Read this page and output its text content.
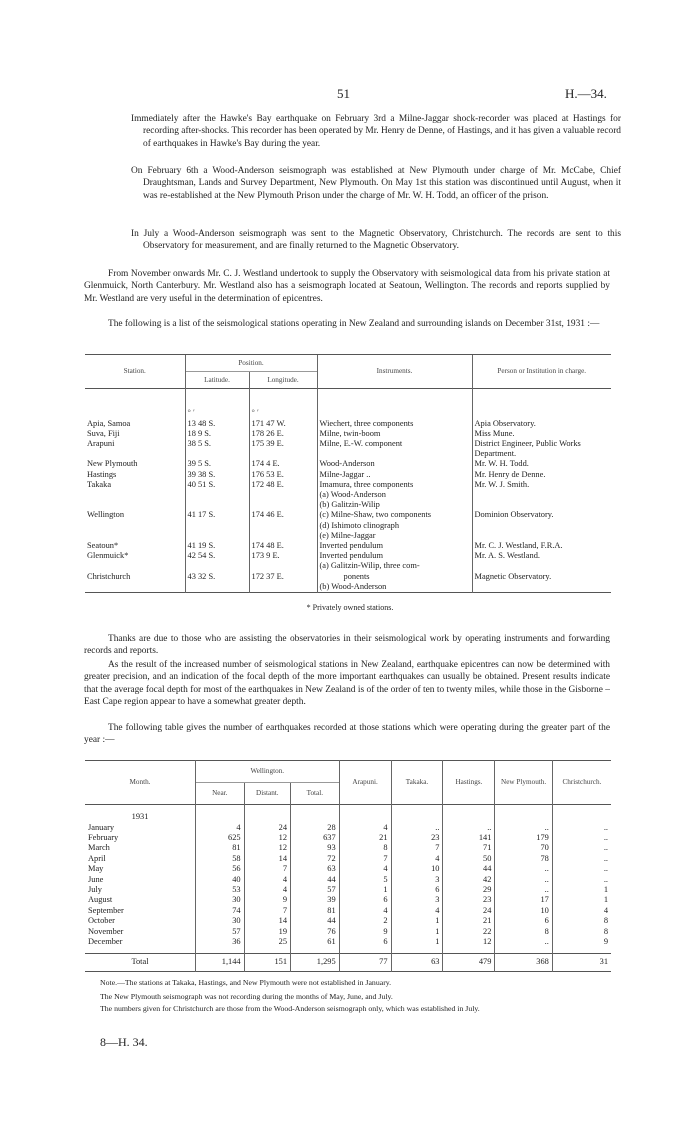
51	H.—34.

Immediately after the Hawke's Bay earthquake on February 3rd a Milne-Jaggar shock-recorder was placed at Hastings for recording after-shocks. This recorder has been operated by Mr. Henry de Denne, of Hastings, and it has given a valuable record of earthquakes in Hawke's Bay during the year.

On February 6th a Wood-Anderson seismograph was established at New Plymouth under charge of Mr. McCabe, Chief Draughtsman, Lands and Survey Department, New Plymouth. On May 1st this station was discontinued until August, when it was re-established at the New Plymouth Prison under the charge of Mr. W. H. Todd, an officer of the prison.

In July a Wood-Anderson seismograph was sent to the Magnetic Observatory, Christchurch. The records are sent to this Observatory for measurement, and are finally returned to the Magnetic Observatory.

From November onwards Mr. C. J. Westland undertook to supply the Observatory with seismological data from his private station at Glenmuick, North Canterbury. Mr. Westland also has a seismograph located at Seatoun, Wellington. The records and reports supplied by Mr. Westland are very useful in the determination of epicentres.

The following is a list of the seismological stations operating in New Zealand and surrounding islands on December 31st, 1931 :—

Station.	Position.		Instruments.	Person or Institution in charge.
	Latitude.	Longitude.		
	° ′	° ′		
Apia, Samoa	13 48 S.	171 47 W.	Wiechert, three components	Apia Observatory.
Suva, Fiji	18 9 S.	178 26 E.	Milne, twin-boom	Miss Mune.
Arapuni	38 5 S.	175 39 E.	Milne, E.-W. component	District Engineer, Public Works Department.
New Plymouth	39 5 S.	174 4 E.	Wood-Anderson	Mr. W. H. Todd.
Hastings	39 38 S.	176 53 E.	Milne-Jaggar ..	Mr. Henry de Denne.
Takaka	40 51 S.	172 48 E.	Imamura, three components	Mr. W. J. Smith.
Wellington	41 17 S.	174 46 E.	(a) Wood-Anderson
(b) Galitzin-Wilip
(c) Milne-Shaw, two components
(d) Ishimoto clinograph
(e) Milne-Jaggar	Dominion Observatory.
Seatoun*	41 19 S.	174 48 E.	Inverted pendulum	Mr. C. J. Westland, F.R.A.
Glenmuick*	42 54 S.	173 9 E.	Inverted pendulum	Mr. A. S. Westland.
Christchurch	43 32 S.	172 37 E.	(a) Galitzin-Wilip, three com-
ponents
(b) Wood-Anderson	Magnetic Observatory.
* Privately owned stations.

Thanks are due to those who are assisting the observatories in their seismological work by operating instruments and forwarding records and reports.

As the result of the increased number of seismological stations in New Zealand, earthquake epicentres can now be determined with greater precision, and an indication of the focal depth of the more important earthquakes can usually be obtained. Present results indicate that the average focal depth for most of the earthquakes in New Zealand is of the order of ten to twenty miles, while those in the Gisborne – East Cape region appear to have a somewhat greater depth.

The following table gives the number of earthquakes recorded at those stations which were operating during the greater part of the year :—

Month.	Wellington.			Arapuni.	Takaka.	Hastings.	New Plymouth.	Christchurch.
	Near.	Distant.	Total.					
1931								
January	4	24	28	4	..	..	..	..
February	625	12	637	21	23	141	179	..
March	81	12	93	8	7	71	70	..
April	58	14	72	7	4	50	78	..
May	56	7	63	4	10	44	..	..
June	40	4	44	5	3	42	..	..
July	53	4	57	1	6	29	..	1
August	30	9	39	6	3	23	17	1
September	74	7	81	4	4	24	10	4
October	30	14	44	2	1	21	6	8
November	57	19	76	9	1	22	8	8
December	36	25	61	6	1	12	..	9

Total	1,144	151	1,295	77	63	479	368	31

Note.—The stations at Takaka, Hastings, and New Plymouth were not established in January.

The New Plymouth seismograph was not recording during the months of May, June, and July.

The numbers given for Christchurch are those from the Wood-Anderson seismograph only, which was established in July.

8—H. 34.
